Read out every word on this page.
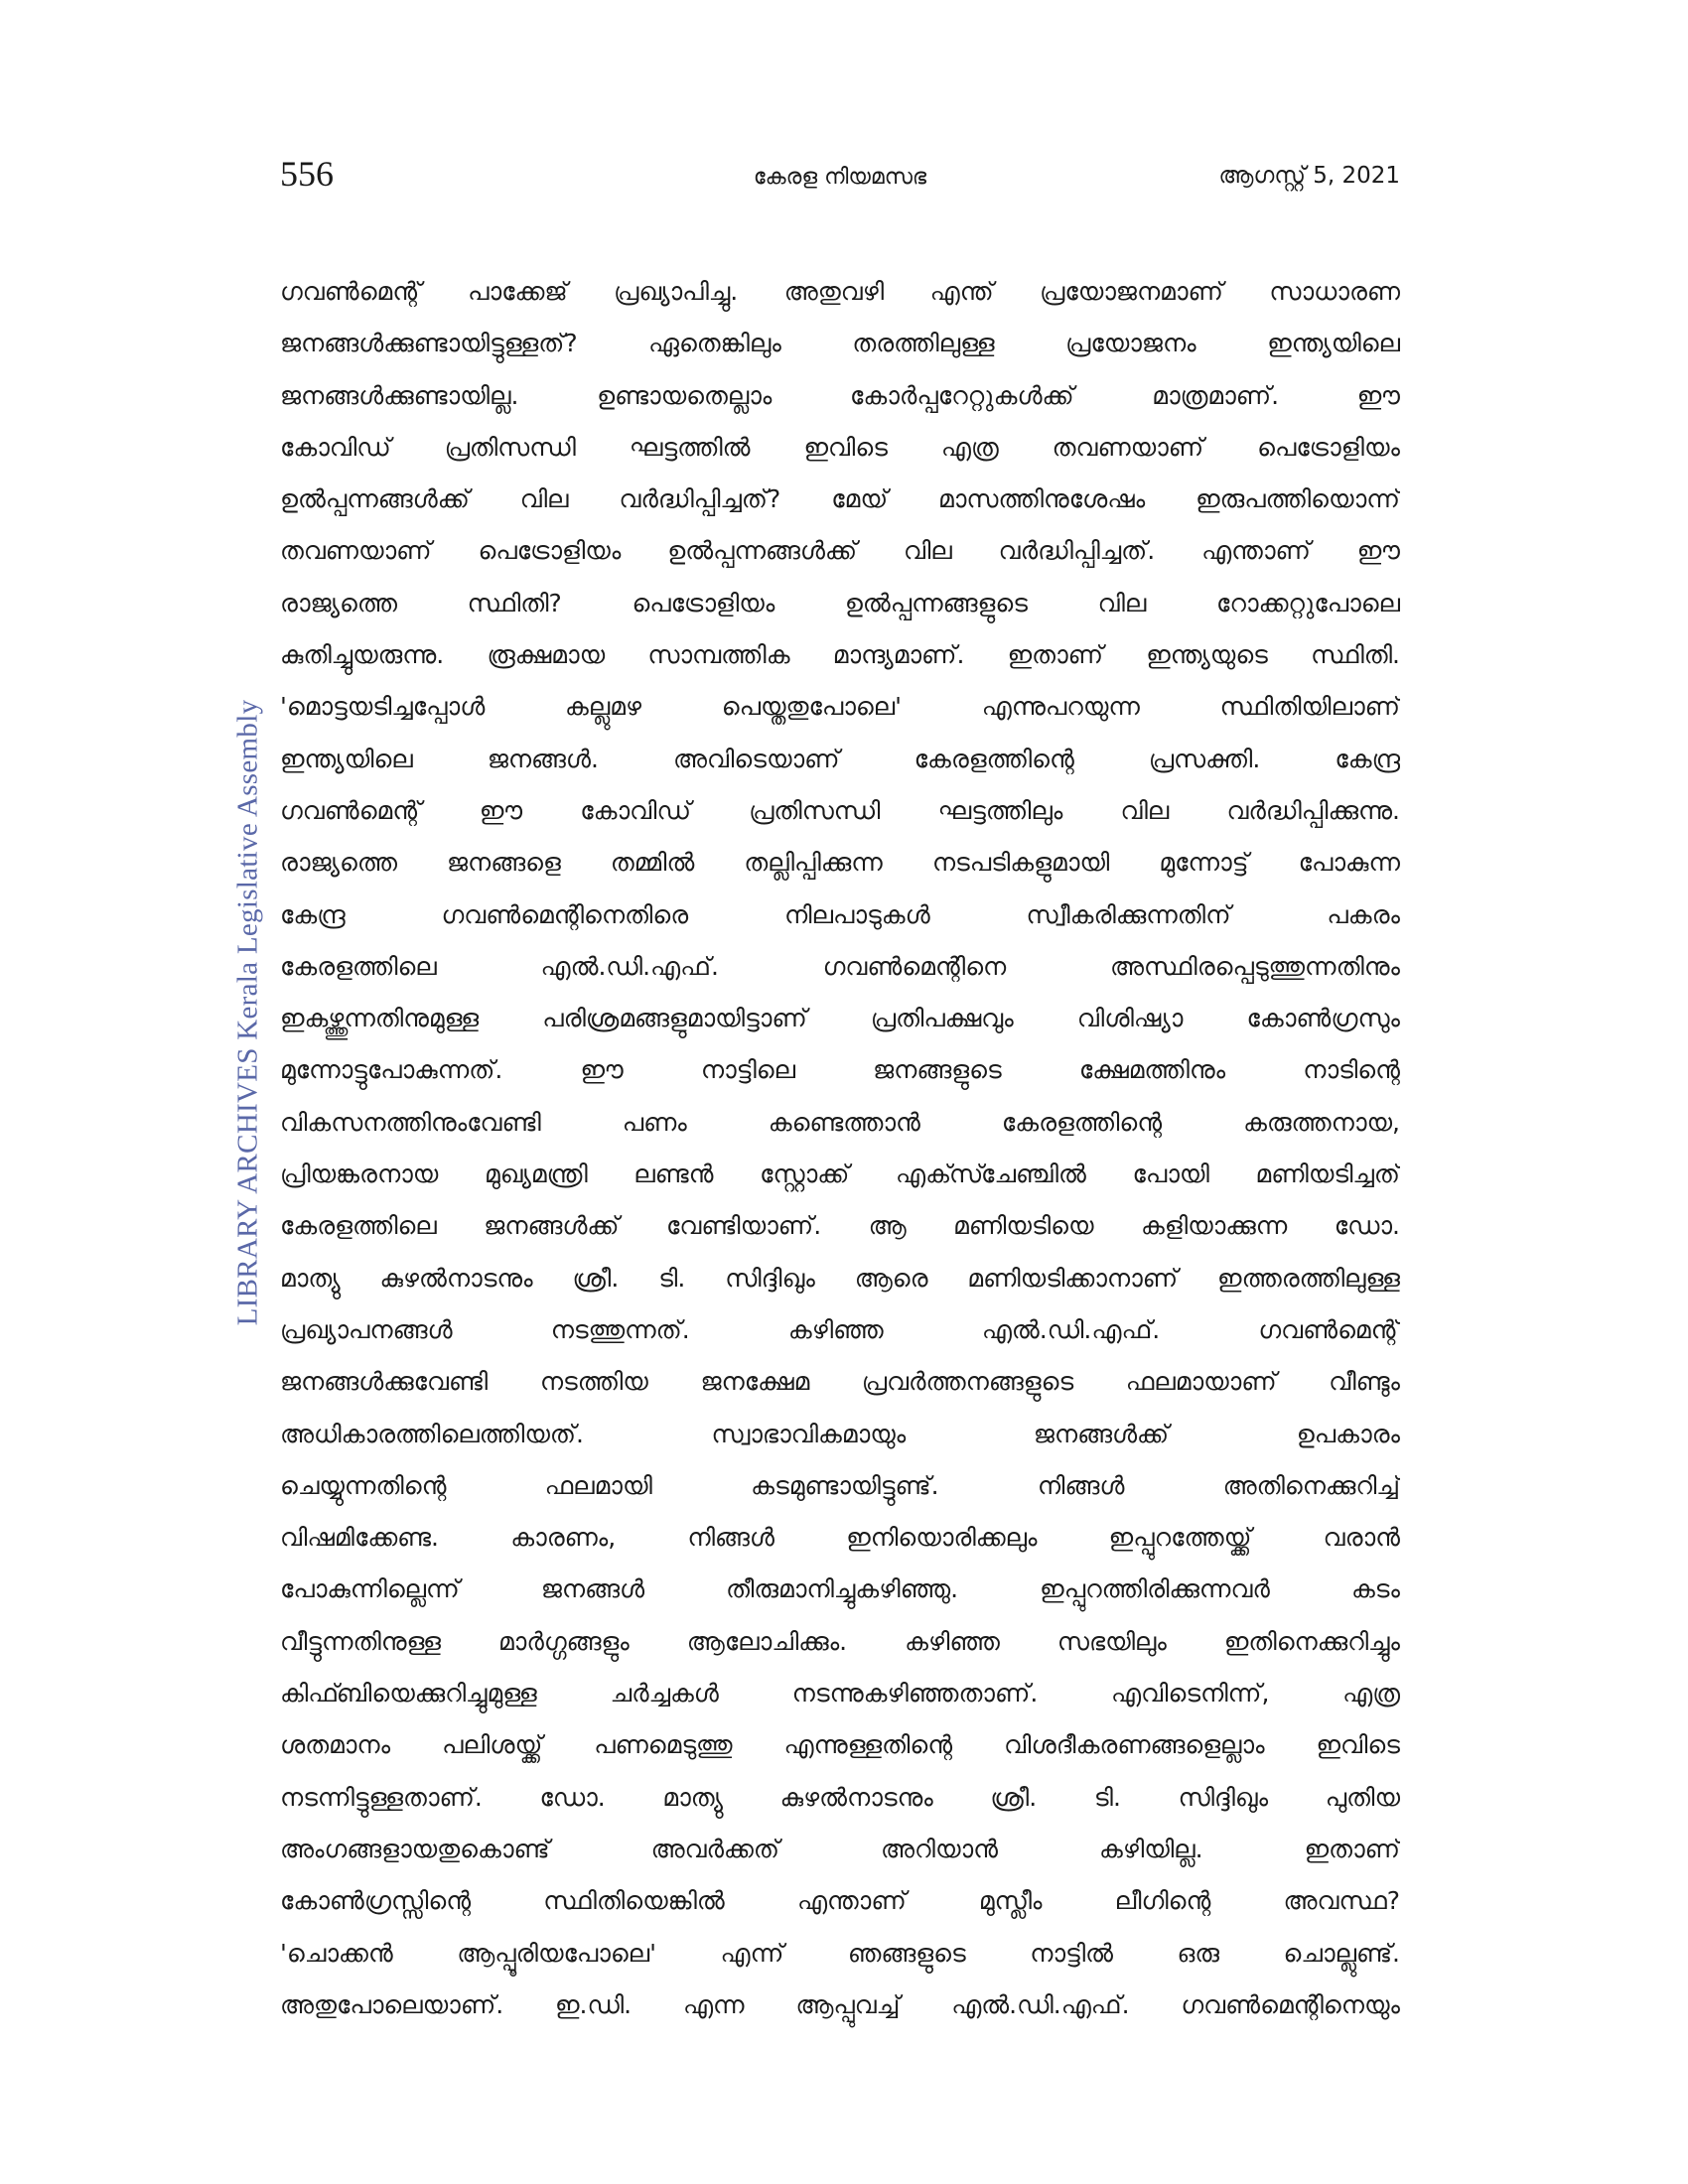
556	കേരള നിയമസഭ	ആഗസ്റ്റ് 5, 2021
LIBRARY ARCHIVES Kerala Legislative Assembly
ഗവൺമെന്റ് പാക്കേജ് പ്രഖ്യാപിച്ചു. അതുവഴി എന്ത് പ്രയോജനമാണ് സാധാരണ
ജനങ്ങൾക്കുണ്ടായിട്ടുള്ളത്? ഏതെങ്കിലും തരത്തിലുള്ള പ്രയോജനം ഇന്ത്യയിലെ
ജനങ്ങൾക്കുണ്ടായില്ല. ഉണ്ടായതെല്ലാം കോർപ്പറേറ്റുകൾക്ക് മാത്രമാണ്. ഈ
കോവിഡ് പ്രതിസന്ധി ഘട്ടത്തിൽ ഇവിടെ എത്ര തവണയാണ് പെട്രോളിയം
ഉൽപ്പന്നങ്ങൾക്ക് വില വർദ്ധിപ്പിച്ചത്? മേയ് മാസത്തിനുശേഷം ഇരുപത്തിയൊന്ന്
തവണയാണ് പെട്രോളിയം ഉൽപ്പന്നങ്ങൾക്ക് വില വർദ്ധിപ്പിച്ചത്. എന്താണ് ഈ
രാജ്യത്തെ സ്ഥിതി? പെട്രോളിയം ഉൽപ്പന്നങ്ങളുടെ വില റോക്കറ്റുപോലെ
കുതിച്ചുയരുന്നു. രൂക്ഷമായ സാമ്പത്തിക മാന്ദ്യമാണ്. ഇതാണ് ഇന്ത്യയുടെ സ്ഥിതി.
'മൊട്ടയടിച്ചപ്പോൾ കല്ലുമഴ പെയ്തതുപോലെ' എന്നുപറയുന്ന സ്ഥിതിയിലാണ്
ഇന്ത്യയിലെ ജനങ്ങൾ. അവിടെയാണ് കേരളത്തിന്റെ പ്രസക്തി. കേന്ദ്ര
ഗവൺമെന്റ് ഈ കോവിഡ് പ്രതിസന്ധി ഘട്ടത്തിലും വില വർദ്ധിപ്പിക്കുന്നു.
രാജ്യത്തെ ജനങ്ങളെ തമ്മിൽ തല്ലിപ്പിക്കുന്ന നടപടികളുമായി മുന്നോട്ട് പോകുന്ന
കേന്ദ്ര ഗവൺമെന്റിനെതിരെ നിലപാടുകൾ സ്വീകരിക്കുന്നതിന് പകരം
കേരളത്തിലെ എൽ.ഡി.എഫ്. ഗവൺമെന്റിനെ അസ്ഥിരപ്പെടുത്തുന്നതിനും
ഇകഴ്ത്തുന്നതിനുമുള്ള പരിശ്രമങ്ങളുമായിട്ടാണ് പ്രതിപക്ഷവും വിശിഷ്യാ കോൺഗ്രസും
മുന്നോട്ടുപോകുന്നത്. ഈ നാട്ടിലെ ജനങ്ങളുടെ ക്ഷേമത്തിനും നാടിന്റെ
വികസനത്തിനുംവേണ്ടി പണം കണ്ടെത്താൻ കേരളത്തിന്റെ കരുത്തനായ,
പ്രിയങ്കരനായ മുഖ്യമന്ത്രി ലണ്ടൻ സ്റ്റോക്ക് എക്സ്ചേഞ്ചിൽ പോയി മണിയടിച്ചത്
കേരളത്തിലെ ജനങ്ങൾക്ക് വേണ്ടിയാണ്. ആ മണിയടിയെ കളിയാക്കുന്ന ഡോ.
മാത്യു കുഴൽനാടനും ശ്രീ. ടി. സിദ്ദിഖും ആരെ മണിയടിക്കാനാണ് ഇത്തരത്തിലുള്ള
പ്രഖ്യാപനങ്ങൾ നടത്തുന്നത്. കഴിഞ്ഞ എൽ.ഡി.എഫ്. ഗവൺമെന്റ്
ജനങ്ങൾക്കുവേണ്ടി നടത്തിയ ജനക്ഷേമ പ്രവർത്തനങ്ങളുടെ ഫലമായാണ് വീണ്ടും
അധികാരത്തിലെത്തിയത്. സ്വാഭാവികമായും ജനങ്ങൾക്ക് ഉപകാരം
ചെയ്യുന്നതിന്റെ ഫലമായി കടമുണ്ടായിട്ടുണ്ട്. നിങ്ങൾ അതിനെക്കുറിച്ച്
വിഷമിക്കേണ്ട. കാരണം, നിങ്ങൾ ഇനിയൊരിക്കലും ഇപ്പുറത്തേയ്ക്ക് വരാൻ
പോകുന്നില്ലെന്ന് ജനങ്ങൾ തീരുമാനിച്ചുകഴിഞ്ഞു. ഇപ്പുറത്തിരിക്കുന്നവർ കടം
വീട്ടുന്നതിനുള്ള മാർഗ്ഗങ്ങളും ആലോചിക്കും. കഴിഞ്ഞ സഭയിലും ഇതിനെക്കുറിച്ചും
കിഫ്ബിയെക്കുറിച്ചുമുള്ള ചർച്ചകൾ നടന്നുകഴിഞ്ഞതാണ്. എവിടെനിന്ന്, എത്ര
ശതമാനം പലിശയ്ക്ക് പണമെടുത്തു എന്നുള്ളതിന്റെ വിശദീകരണങ്ങളെല്ലാം ഇവിടെ
നടന്നിട്ടുള്ളതാണ്. ഡോ. മാത്യു കുഴൽനാടനും ശ്രീ. ടി. സിദ്ദിഖും പുതിയ
അംഗങ്ങളായതുകൊണ്ട് അവർക്കത് അറിയാൻ കഴിയില്ല. ഇതാണ്
കോൺഗ്രസ്സിന്റെ സ്ഥിതിയെങ്കിൽ എന്താണ് മുസ്ലീം ലീഗിന്റെ അവസ്ഥ?
'ചൊക്കൻ ആപ്പൂരിയപോലെ' എന്ന് ഞങ്ങളുടെ നാട്ടിൽ ഒരു ചൊല്ലുണ്ട്.
അതുപോലെയാണ്. ഇ.ഡി. എന്ന ആപ്പുവച്ച് എൽ.ഡി.എഫ്. ഗവൺമെന്റിനെയും
